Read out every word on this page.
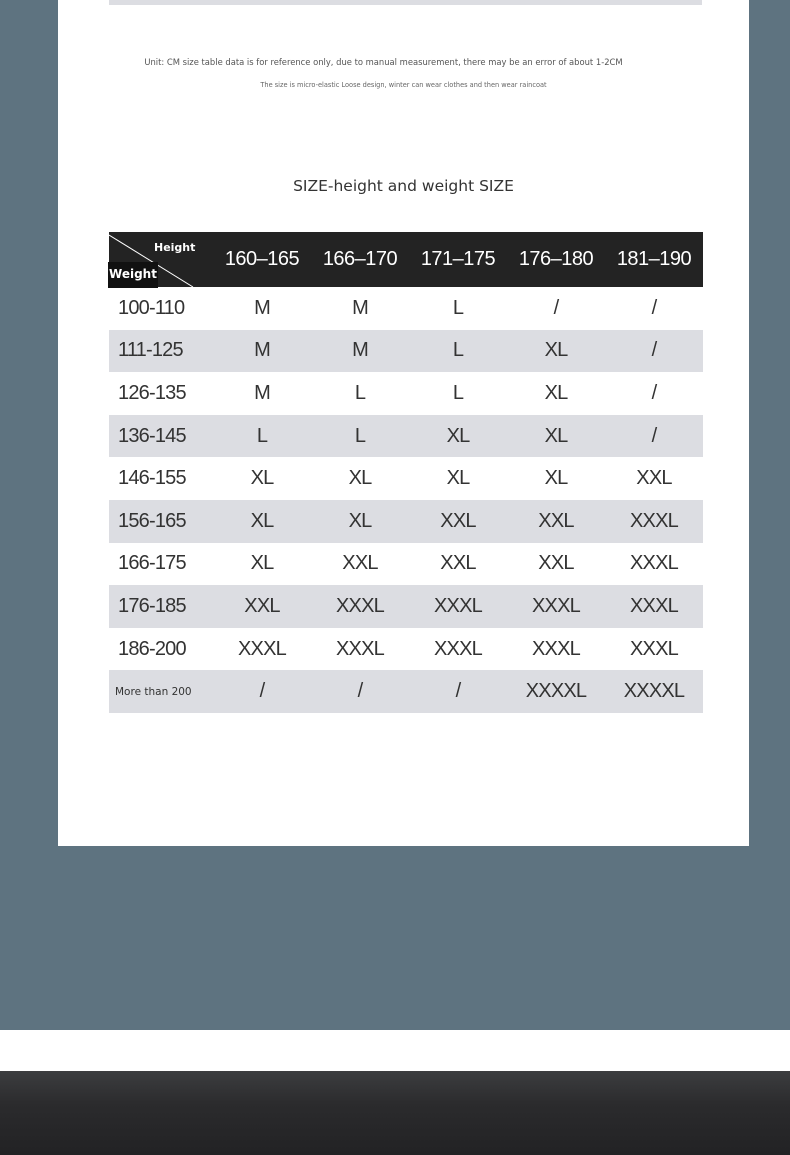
Unit: CM size table data is for reference only, due to manual measurement, there may be an error of about 1-2CM
The size is micro-elastic Loose design, winter can wear clothes and then wear raincoat
SIZE-height and weight SIZE
Height
Weight	160–165	166–170	171–175	176–180	181–190
100-110	M	M	L	/	/
111-125	M	M	L	XL	/
126-135	M	L	L	XL	/
136-145	L	L	XL	XL	/
146-155	XL	XL	XL	XL	XXL
156-165	XL	XL	XXL	XXL	XXXL
166-175	XL	XXL	XXL	XXL	XXXL
176-185	XXL	XXXL	XXXL	XXXL	XXXL
186-200	XXXL	XXXL	XXXL	XXXL	XXXL
More than 200	/	/	/	XXXXL	XXXXL
